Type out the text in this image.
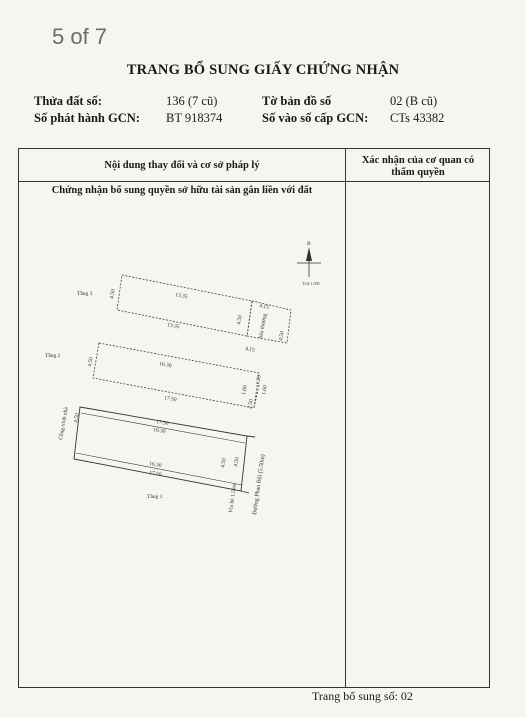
5 of 7
TRANG BỔ SUNG GIẤY CHỨNG NHẬN
Thửa đất số:	136 (7 cũ)	Tờ bản đồ số	02 (B cũ)
Số phát hành GCN: BT 918374	Số vào số cấp GCN: CTs 43382
Nội dung thay đổi và cơ sở pháp lý	Xác nhận của cơ quan có
thẩm quyền
Chứng nhận bổ sung quyền sở hữu tài sản gắn liền với đất
B
Tỉ lệ 1:500
Tầng 3	13.35
13.35
4.50
4.50
4.15
4.15
4.50
Sân thượng
Tầng 2
16.30
17.50
4.50
1.60
1.20
2.50
1.60
Tầng 1
17.50
16.30
16.30
17.50
4.50
4.50 4.50
Công trình nhà
Vỉa hè 1.50m Đường Phan Bội (5.50m)
Trang bổ sung số: 02
